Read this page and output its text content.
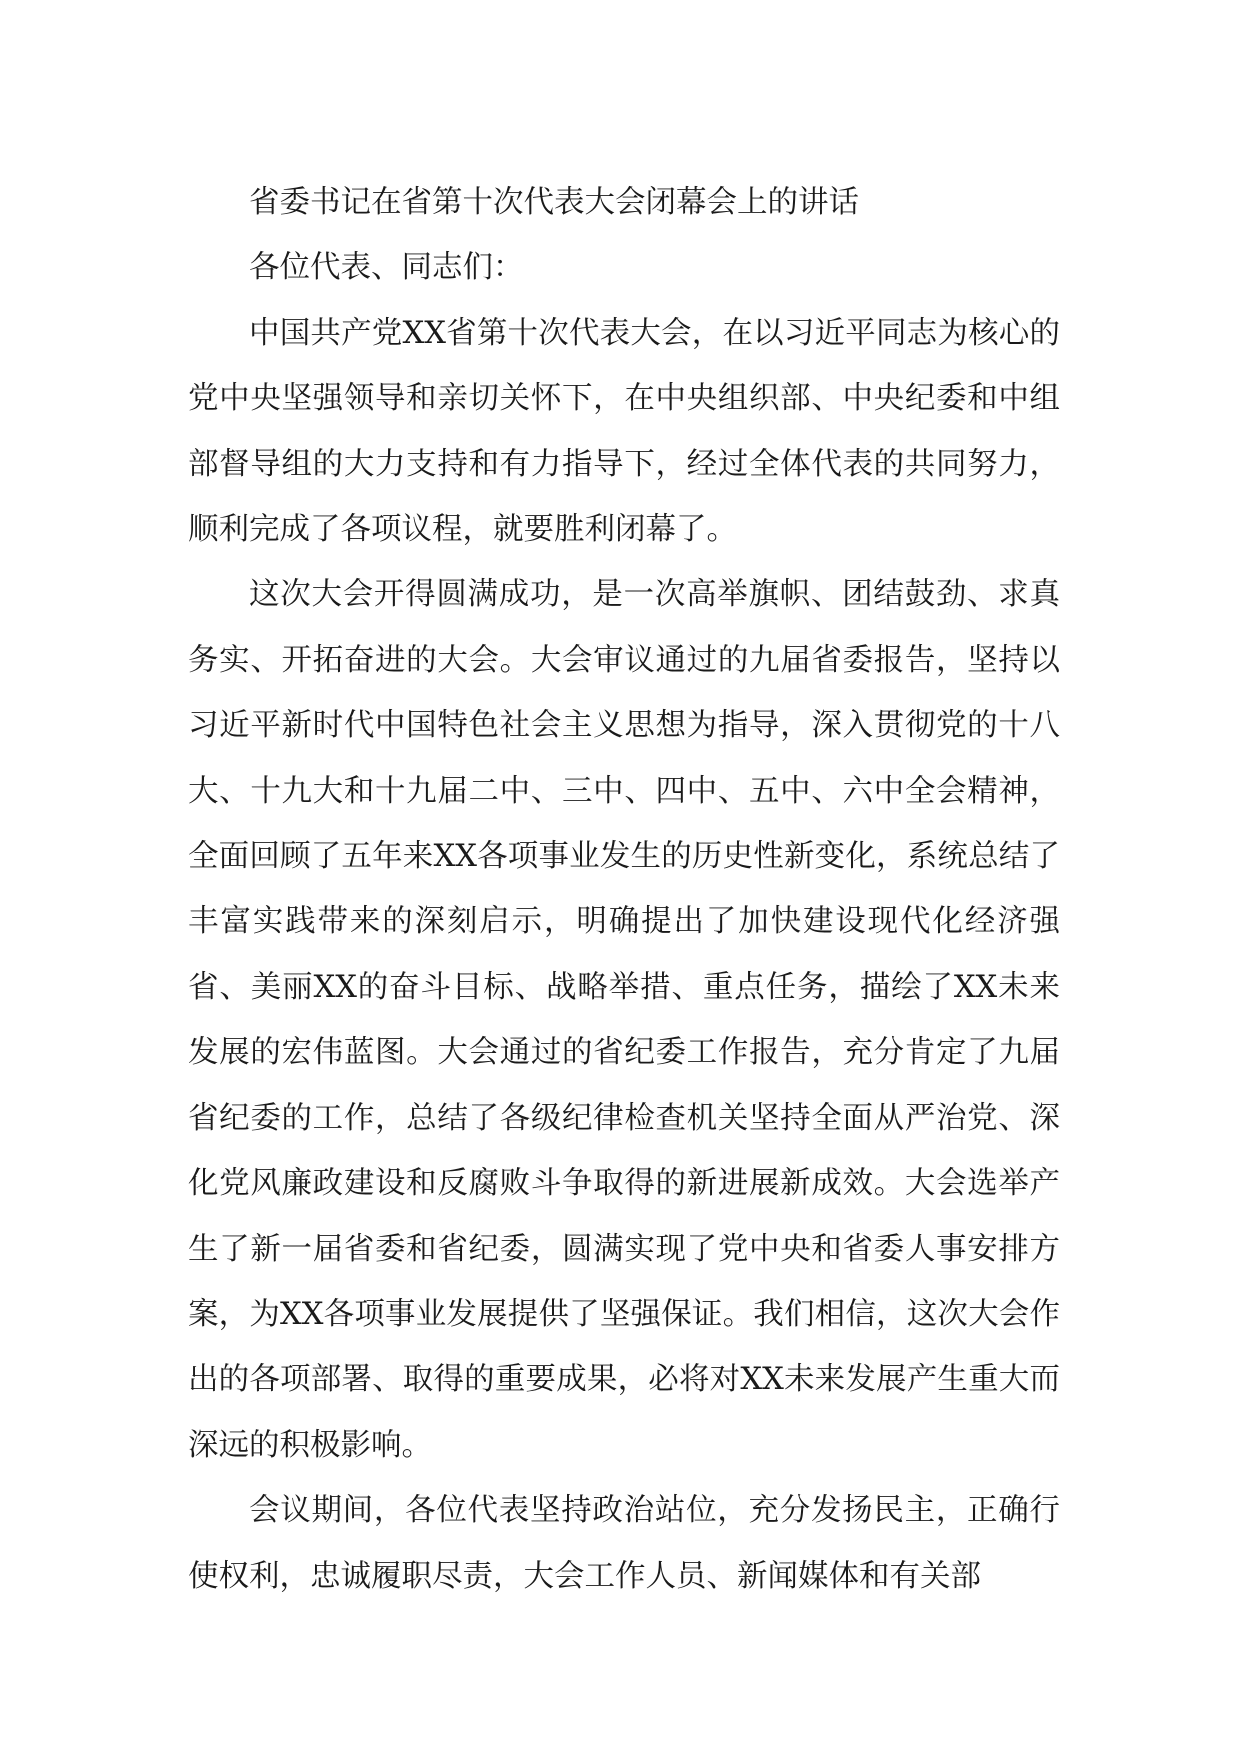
省委书记在省第十次代表大会闭幕会上的讲话

各位代表、同志们：

中国共产党XX省第十次代表大会，在以习近平同志为核心的党中央坚强领导和亲切关怀下，在中央组织部、中央纪委和中组部督导组的大力支持和有力指导下，经过全体代表的共同努力，顺利完成了各项议程，就要胜利闭幕了。

这次大会开得圆满成功，是一次高举旗帜、团结鼓劲、求真务实、开拓奋进的大会。大会审议通过的九届省委报告，坚持以习近平新时代中国特色社会主义思想为指导，深入贯彻党的十八大、十九大和十九届二中、三中、四中、五中、六中全会精神，全面回顾了五年来XX各项事业发生的历史性新变化，系统总结了丰富实践带来的深刻启示，明确提出了加快建设现代化经济强省、美丽XX的奋斗目标、战略举措、重点任务，描绘了XX未来发展的宏伟蓝图。大会通过的省纪委工作报告，充分肯定了九届省纪委的工作，总结了各级纪律检查机关坚持全面从严治党、深化党风廉政建设和反腐败斗争取得的新进展新成效。大会选举产生了新一届省委和省纪委，圆满实现了党中央和省委人事安排方案，为XX各项事业发展提供了坚强保证。我们相信，这次大会作出的各项部署、取得的重要成果，必将对XX未来发展产生重大而深远的积极影响。

会议期间，各位代表坚持政治站位，充分发扬民主，正确行使权利，忠诚履职尽责，大会工作人员、新闻媒体和有关部
